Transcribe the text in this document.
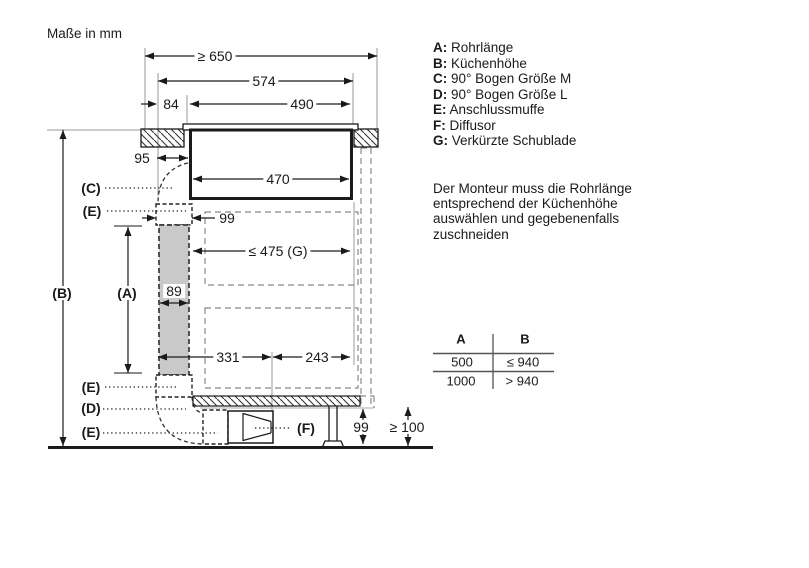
Maße in mm
≥ 650
574
84	490
95
470
99
≤ 475 (G)
89
331	243
99 ≥ 100
(C)
(E)
(B)	(A)
(E)
(D)
(E)	(F)
A: Rohrlänge
B: Küchenhöhe
C: 90° Bogen Größe M
D: 90° Bogen Größe L
E: Anschlussmuffe
F: Diffusor
G: Verkürzte Schublade
Der Monteur muss die Rohrlänge
entsprechend der Küchenhöhe
auswählen und gegebenenfalls
zuschneiden
A	B
500	≤ 940
1000 > 940
